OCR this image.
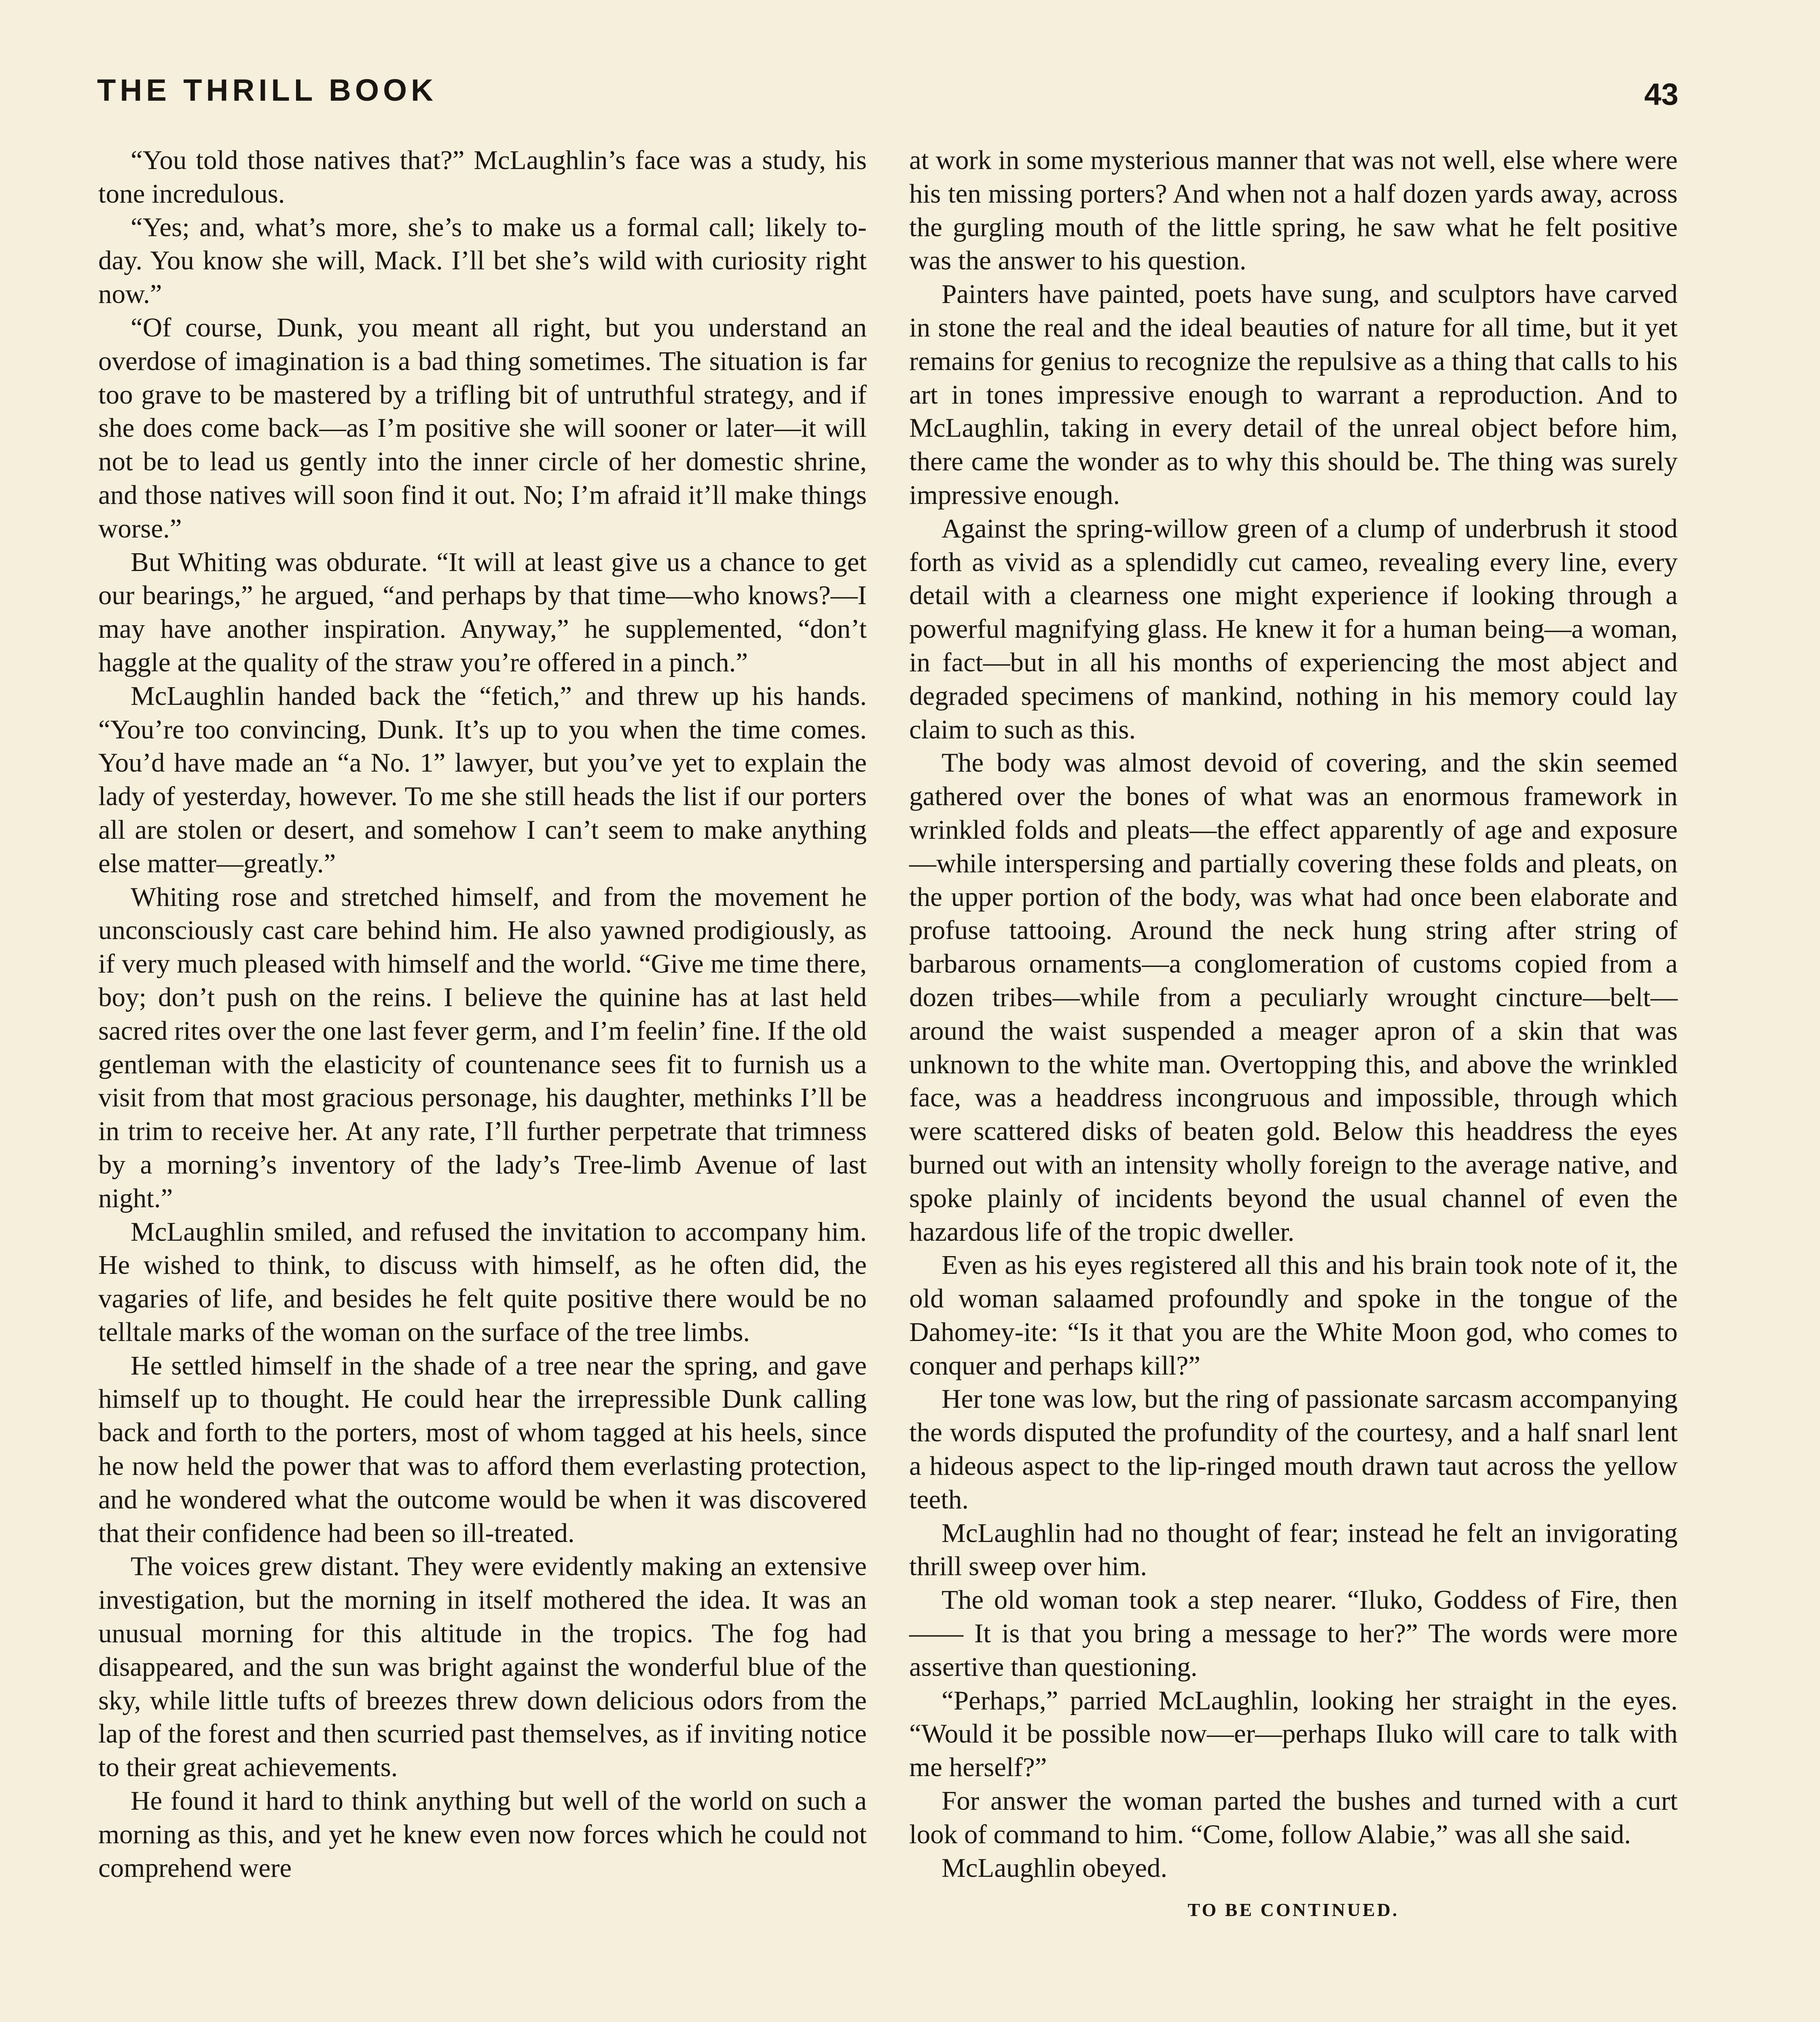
THE THRILL BOOK	43

“You told those natives that?” McLaughlin’s face was a study, his tone incredulous.

“Yes; and, what’s more, she’s to make us a formal call; likely to-day. You know she will, Mack. I’ll bet she’s wild with curiosity right now.”

“Of course, Dunk, you meant all right, but you understand an overdose of imagination is a bad thing sometimes. The situation is far too grave to be mastered by a trifling bit of untruthful strategy, and if she does come back—as I’m positive she will sooner or later—it will not be to lead us gently into the inner circle of her domestic shrine, and those natives will soon find it out. No; I’m afraid it’ll make things worse.”

But Whiting was obdurate. “It will at least give us a chance to get our bearings,” he argued, “and perhaps by that time—who knows?—I may have another inspiration. Anyway,” he supplemented, “don’t haggle at the quality of the straw you’re offered in a pinch.”

McLaughlin handed back the “fetich,” and threw up his hands. “You’re too convincing, Dunk. It’s up to you when the time comes. You’d have made an “a No. 1” lawyer, but you’ve yet to explain the lady of yesterday, however. To me she still heads the list if our porters all are stolen or desert, and somehow I can’t seem to make anything else matter—greatly.”

Whiting rose and stretched himself, and from the movement he unconsciously cast care behind him. He also yawned prodigiously, as if very much pleased with himself and the world. “Give me time there, boy; don’t push on the reins. I believe the quinine has at last held sacred rites over the one last fever germ, and I’m feelin’ fine. If the old gentleman with the elasticity of countenance sees fit to furnish us a visit from that most gracious personage, his daughter, methinks I’ll be in trim to receive her. At any rate, I’ll further perpetrate that trimness by a morning’s inventory of the lady’s Tree-limb Avenue of last night.”

McLaughlin smiled, and refused the invitation to accompany him. He wished to think, to discuss with himself, as he often did, the vagaries of life, and besides he felt quite positive there would be no telltale marks of the woman on the surface of the tree limbs.

He settled himself in the shade of a tree near the spring, and gave himself up to thought. He could hear the irrepressible Dunk calling back and forth to the porters, most of whom tagged at his heels, since he now held the power that was to afford them everlasting protection, and he wondered what the outcome would be when it was discovered that their confidence had been so ill-treated.

The voices grew distant. They were evidently making an extensive investigation, but the morning in itself mothered the idea. It was an unusual morning for this altitude in the tropics. The fog had disappeared, and the sun was bright against the wonderful blue of the sky, while little tufts of breezes threw down delicious odors from the lap of the forest and then scurried past themselves, as if inviting notice to their great achievements.

He found it hard to think anything but well of the world on such a morning as this, and yet he knew even now forces which he could not comprehend were

at work in some mysterious manner that was not well, else where were his ten missing porters? And when not a half dozen yards away, across the gurgling mouth of the little spring, he saw what he felt positive was the answer to his question.

Painters have painted, poets have sung, and sculptors have carved in stone the real and the ideal beauties of nature for all time, but it yet remains for genius to recognize the repulsive as a thing that calls to his art in tones impressive enough to warrant a reproduction. And to McLaughlin, taking in every detail of the unreal object before him, there came the wonder as to why this should be. The thing was surely impressive enough.

Against the spring-willow green of a clump of underbrush it stood forth as vivid as a splendidly cut cameo, revealing every line, every detail with a clearness one might experience if looking through a powerful magnifying glass. He knew it for a human being—a woman, in fact—but in all his months of experiencing the most abject and degraded specimens of mankind, nothing in his memory could lay claim to such as this.

The body was almost devoid of covering, and the skin seemed gathered over the bones of what was an enormous framework in wrinkled folds and pleats—the effect apparently of age and exposure—while interspersing and partially covering these folds and pleats, on the upper portion of the body, was what had once been elaborate and profuse tattooing. Around the neck hung string after string of barbarous ornaments—a conglomeration of customs copied from a dozen tribes—while from a peculiarly wrought cincture—belt—around the waist suspended a meager apron of a skin that was unknown to the white man. Overtopping this, and above the wrinkled face, was a headdress incongruous and impossible, through which were scattered disks of beaten gold. Below this headdress the eyes burned out with an intensity wholly foreign to the average native, and spoke plainly of incidents beyond the usual channel of even the hazardous life of the tropic dweller.

Even as his eyes registered all this and his brain took note of it, the old woman salaamed profoundly and spoke in the tongue of the Dahomey-ite: “Is it that you are the White Moon god, who comes to conquer and perhaps kill?”

Her tone was low, but the ring of passionate sarcasm accompanying the words disputed the profundity of the courtesy, and a half snarl lent a hideous aspect to the lip-ringed mouth drawn taut across the yellow teeth.

McLaughlin had no thought of fear; instead he felt an invigorating thrill sweep over him.

The old woman took a step nearer. “Iluko, Goddess of Fire, then—— It is that you bring a message to her?” The words were more assertive than questioning.

“Perhaps,” parried McLaughlin, looking her straight in the eyes. “Would it be possible now—er—perhaps Iluko will care to talk with me herself?”

For answer the woman parted the bushes and turned with a curt look of command to him. “Come, follow Alabie,” was all she said.

McLaughlin obeyed.

TO BE CONTINUED.
